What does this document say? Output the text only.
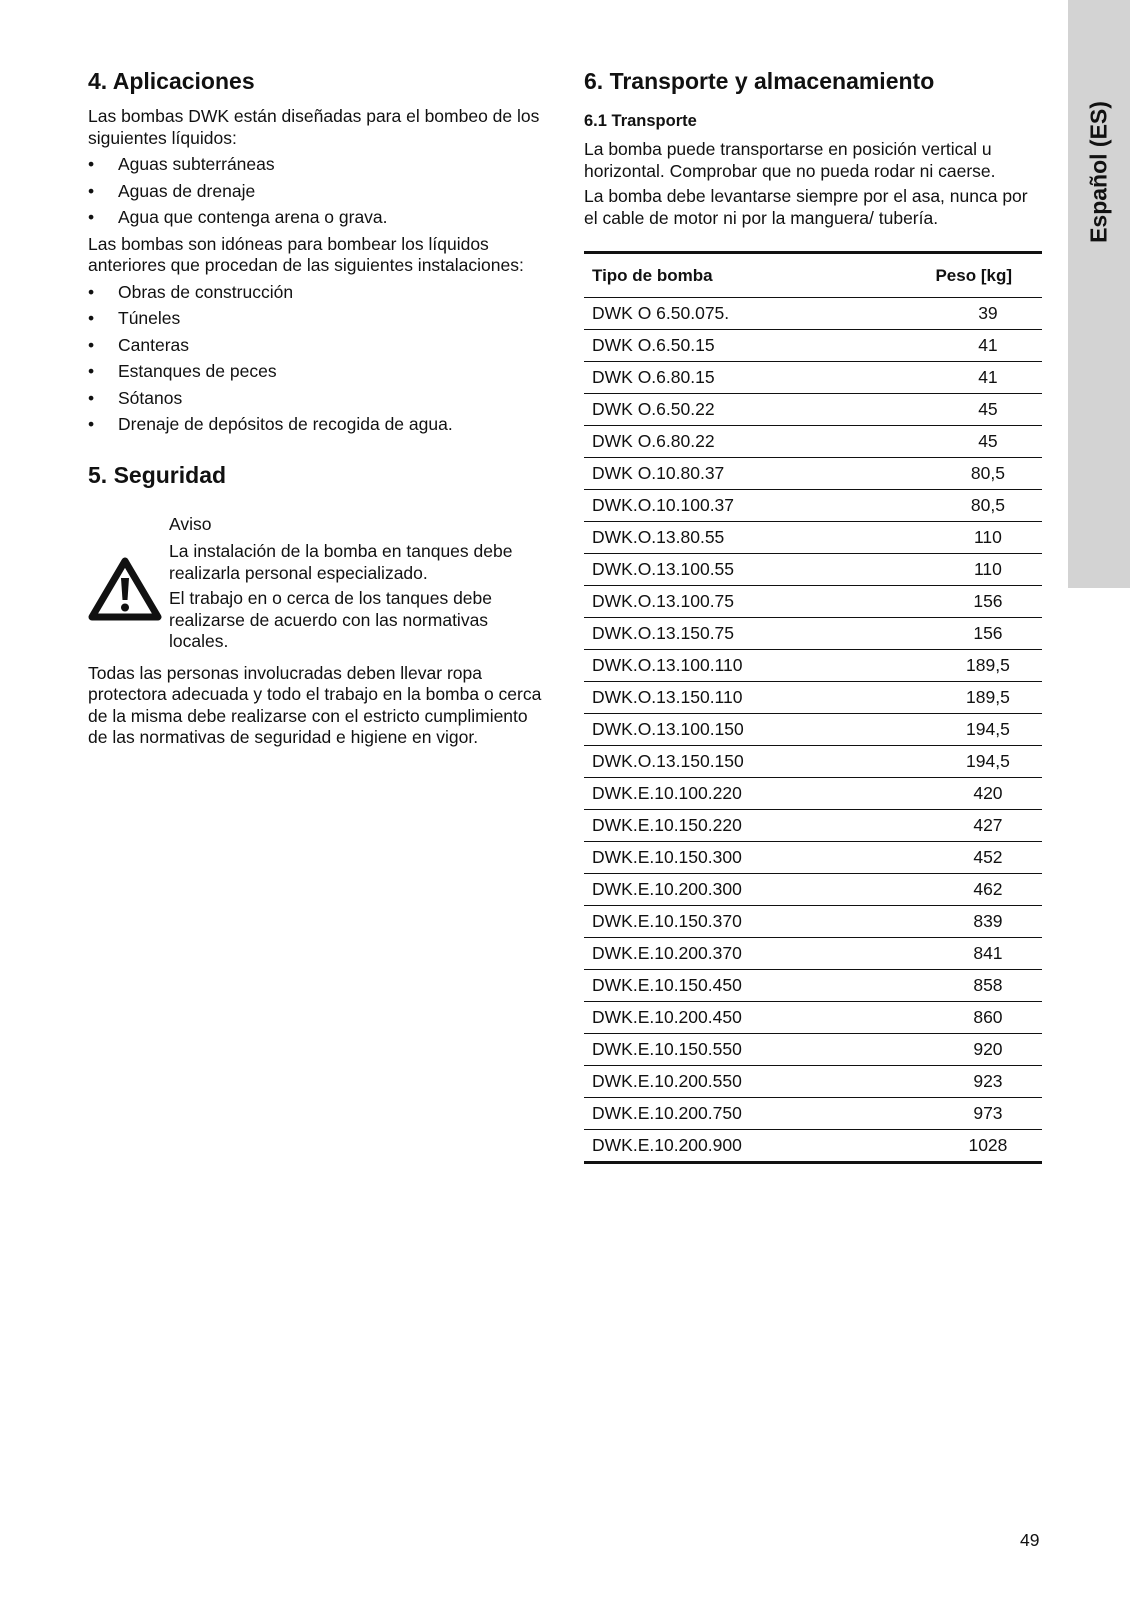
Español (ES)
4. Aplicaciones

Las bombas DWK están diseñadas para el bombeo de los siguientes líquidos:

• Aguas subterráneas
• Aguas de drenaje
• Agua que contenga arena o grava.

Las bombas son idóneas para bombear los líquidos anteriores que procedan de las siguientes instalaciones:

• Obras de construcción
• Túneles
• Canteras
• Estanques de peces
• Sótanos
• Drenaje de depósitos de recogida de agua.
5. Seguridad

Aviso

La instalación de la bomba en tanques debe realizarla personal especializado.

El trabajo en o cerca de los tanques debe realizarse de acuerdo con las normativas locales.

Todas las personas involucradas deben llevar ropa protectora adecuada y todo el trabajo en la bomba o cerca de la misma debe realizarse con el estricto cumplimiento de las normativas de seguridad e higiene en vigor.

6. Transporte y almacenamiento
6.1 Transporte

La bomba puede transportarse en posición vertical u horizontal. Comprobar que no pueda rodar ni caerse.

La bomba debe levantarse siempre por el asa, nunca por el cable de motor ni por la manguera/ tubería.

Tipo de bomba	Peso [kg]
DWK O 6.50.075.	39
DWK O.6.50.15	41
DWK O.6.80.15	41
DWK O.6.50.22	45
DWK O.6.80.22	45
DWK O.10.80.37	80,5
DWK.O.10.100.37	80,5
DWK.O.13.80.55	110
DWK.O.13.100.55	110
DWK.O.13.100.75	156
DWK.O.13.150.75	156
DWK.O.13.100.110	189,5
DWK.O.13.150.110	189,5
DWK.O.13.100.150	194,5
DWK.O.13.150.150	194,5
DWK.E.10.100.220	420
DWK.E.10.150.220	427
DWK.E.10.150.300	452
DWK.E.10.200.300	462
DWK.E.10.150.370	839
DWK.E.10.200.370	841
DWK.E.10.150.450	858
DWK.E.10.200.450	860
DWK.E.10.150.550	920
DWK.E.10.200.550	923
DWK.E.10.200.750	973
DWK.E.10.200.900	1028
49
